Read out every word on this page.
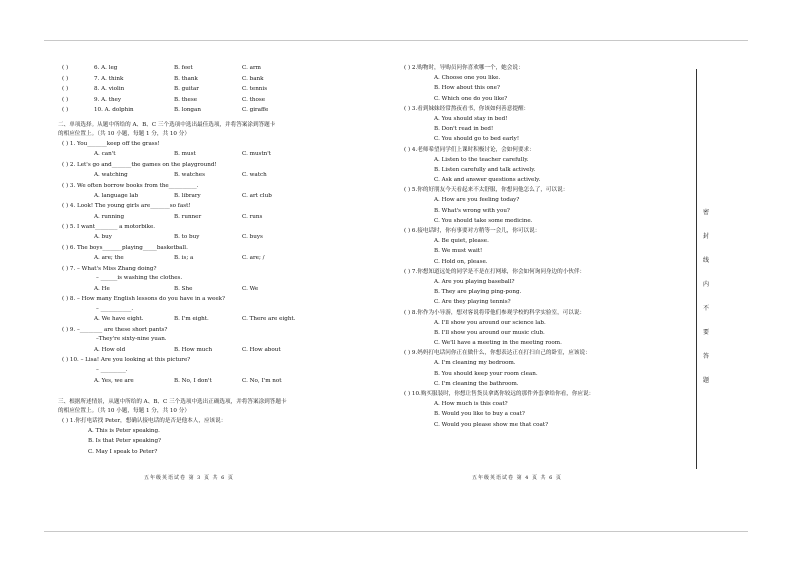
( )	6. A. leg	B. feet	C. arm
( )	7. A. think	B. thank	C. bank
( )	8. A. violin	B. guitar	C. tennis
( )	9. A. they	B. these	C. those
( )	10. A. dolphin	B. longan	C. giraffe
二、单项选择。从题中所给的 A、B、C 三个选项中选出最佳选项，并将答案涂到答题卡
的相应位置上。（共 10 小题，每题 1 分，共 10 分）
( ) 1. You_______keep off the grass!
A. can't	B. must	C. mustn't
( ) 2. Let's go and_______the games on the playground!
A. watching	B. watches	C. watch
( ) 3. We often borrow books from the__________.
A. language lab	B. library	C. art club
( ) 4. Look! The young girls are_______so fast!
A. running	B. runner	C. runs
( ) 5. I want________ a motorbike.
A. buy	B. to buy	C. buys
( ) 6. The boys_______playing_____basketball.
A. are; the	B. is; a	C. are; /
( ) 7. – What's Miss Zhang doing?
– ______is washing the clothes.
A. He	B. She	C. We
( ) 8. – How many English lessons do you have in a week?
– ___________.
A. We have eight.	B. I'm eight.	C. There are eight.
( ) 9. –________ are these short pants?
–They're sixty-nine yuan.
A. How old	B. How much	C. How about
( ) 10. – Lisa! Are you looking at this picture?
– _________.
A. Yes, we are	B. No, I don't	C. No, I'm not
三、根据所述情景，从题中所给的 A、B、C 三个选项中选出正确选项，并将答案涂到答题卡
的相应位置上。（共 10 小题，每题 1 分，共 10 分）
( ) 1.你打电话找 Peter，想确认接电话的是否是他本人，应该说：
A. This is Peter speaking.
B. Is that Peter speaking?
C. May I speak to Peter?
( ) 2.购物时，导购员问你喜欢哪一个，她会说：
A. Choose one you like.
B. How about this one?
C. Which one do you like?
( ) 3.看到妹妹经常熬夜看书，你该如何善意提醒：
A. You should stay in bed!
B. Don't read in bed!
C. You should go to bed early!
( ) 4.老师希望同学们上课时积极讨论，会如何要求：
A. Listen to the teacher carefully.
B. Listen carefully and talk actively.
C. Ask and answer questions actively.
( ) 5.你的好朋友今天看起来不太舒服，你想问他怎么了，可以说：
A. How are you feeling today?
B. What's wrong with you?
C. You should take some medicine.
( ) 6.接电话时，你有事要对方稍等一会儿，你可以说：
A. Be quiet, please.
B. We must wait!
C. Hold on, please.
( ) 7.你想知道远处的同学是不是在打网球，你会如何询问身边的小伙伴：
A. Are you playing baseball?
B. They are playing ping-pong.
C. Are they playing tennis?
( ) 8.你作为小导游，想对客说将带他们参观学校的科学实验室，可以说：
A. I'll show you around our science lab.
B. I'll show you around our music club.
C. We'll have a meeting in the meeting room.
( ) 9.妈妈打电话问你正在做什么，你想表达正在打扫自己的卧室，应该说：
A. I'm cleaning my bedroom.
B. You should keep your room clean.
C. I'm cleaning the bathroom.
( ) 10.购买服装时，你想让售货员拿离你较远的那件外套拿给你看，你应说：
A. How much is this coat?
B. Would you like to buy a coat?
C. Would you please show me that coat?
五年级英语试卷 第 3 页 共 6 页	五年级英语试卷 第 4 页 共 6 页
密
封
线
内
不
要
答
题
